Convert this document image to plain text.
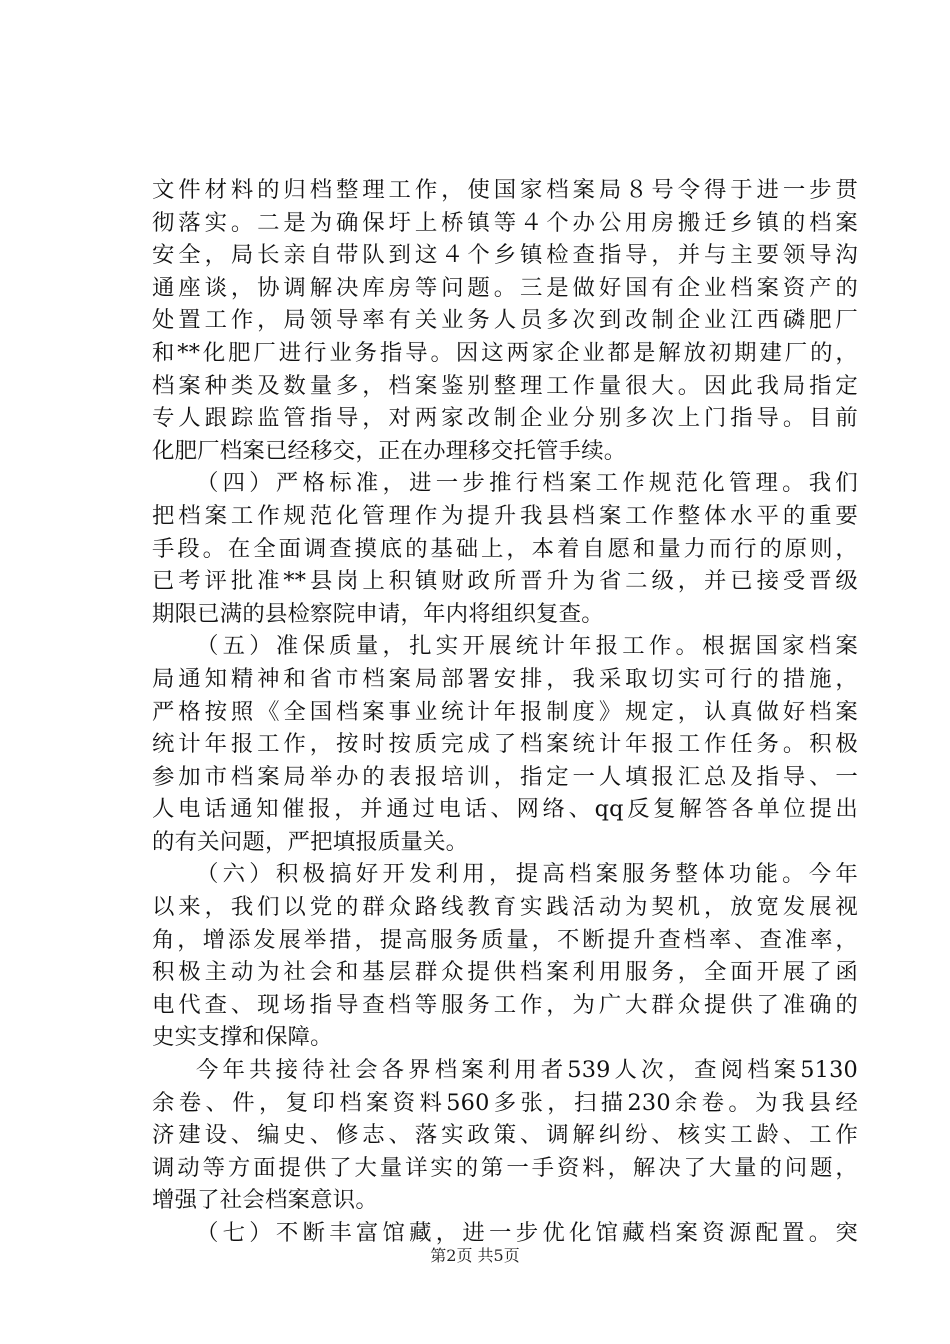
文件材料的归档整理工作，使国家档案局８号令得于进一步贯
彻落实。二是为确保圩上桥镇等４个办公用房搬迁乡镇的档案
安全，局长亲自带队到这４个乡镇检查指导，并与主要领导沟
通座谈，协调解决库房等问题。三是做好国有企业档案资产的
处置工作，局领导率有关业务人员多次到改制企业江西磷肥厂
和**化肥厂进行业务指导。因这两家企业都是解放初期建厂的，
档案种类及数量多，档案鉴别整理工作量很大。因此我局指定
专人跟踪监管指导，对两家改制企业分别多次上门指导。目前
化肥厂档案已经移交，正在办理移交托管手续。
（四）严格标准，进一步推行档案工作规范化管理。我们
把档案工作规范化管理作为提升我县档案工作整体水平的重要
手段。在全面调查摸底的基础上，本着自愿和量力而行的原则，
已考评批准**县岗上积镇财政所晋升为省二级，并已接受晋级
期限已满的县检察院申请，年内将组织复查。
（五）准保质量，扎实开展统计年报工作。根据国家档案
局通知精神和省市档案局部署安排，我采取切实可行的措施，
严格按照《全国档案事业统计年报制度》规定，认真做好档案
统计年报工作，按时按质完成了档案统计年报工作任务。积极
参加市档案局举办的表报培训，指定一人填报汇总及指导、一
人电话通知催报，并通过电话、网络、qq反复解答各单位提出
的有关问题，严把填报质量关。
（六）积极搞好开发利用，提高档案服务整体功能。今年
以来，我们以党的群众路线教育实践活动为契机，放宽发展视
角，增添发展举措，提高服务质量，不断提升查档率、查准率，
积极主动为社会和基层群众提供档案利用服务，全面开展了函
电代查、现场指导查档等服务工作，为广大群众提供了准确的
史实支撑和保障。
今年共接待社会各界档案利用者539人次，查阅档案5130
余卷、件，复印档案资料560多张，扫描230余卷。为我县经
济建设、编史、修志、落实政策、调解纠纷、核实工龄、工作
调动等方面提供了大量详实的第一手资料，解决了大量的问题，
增强了社会档案意识。
（七）不断丰富馆藏，进一步优化馆藏档案资源配置。突
第2页 共5页
